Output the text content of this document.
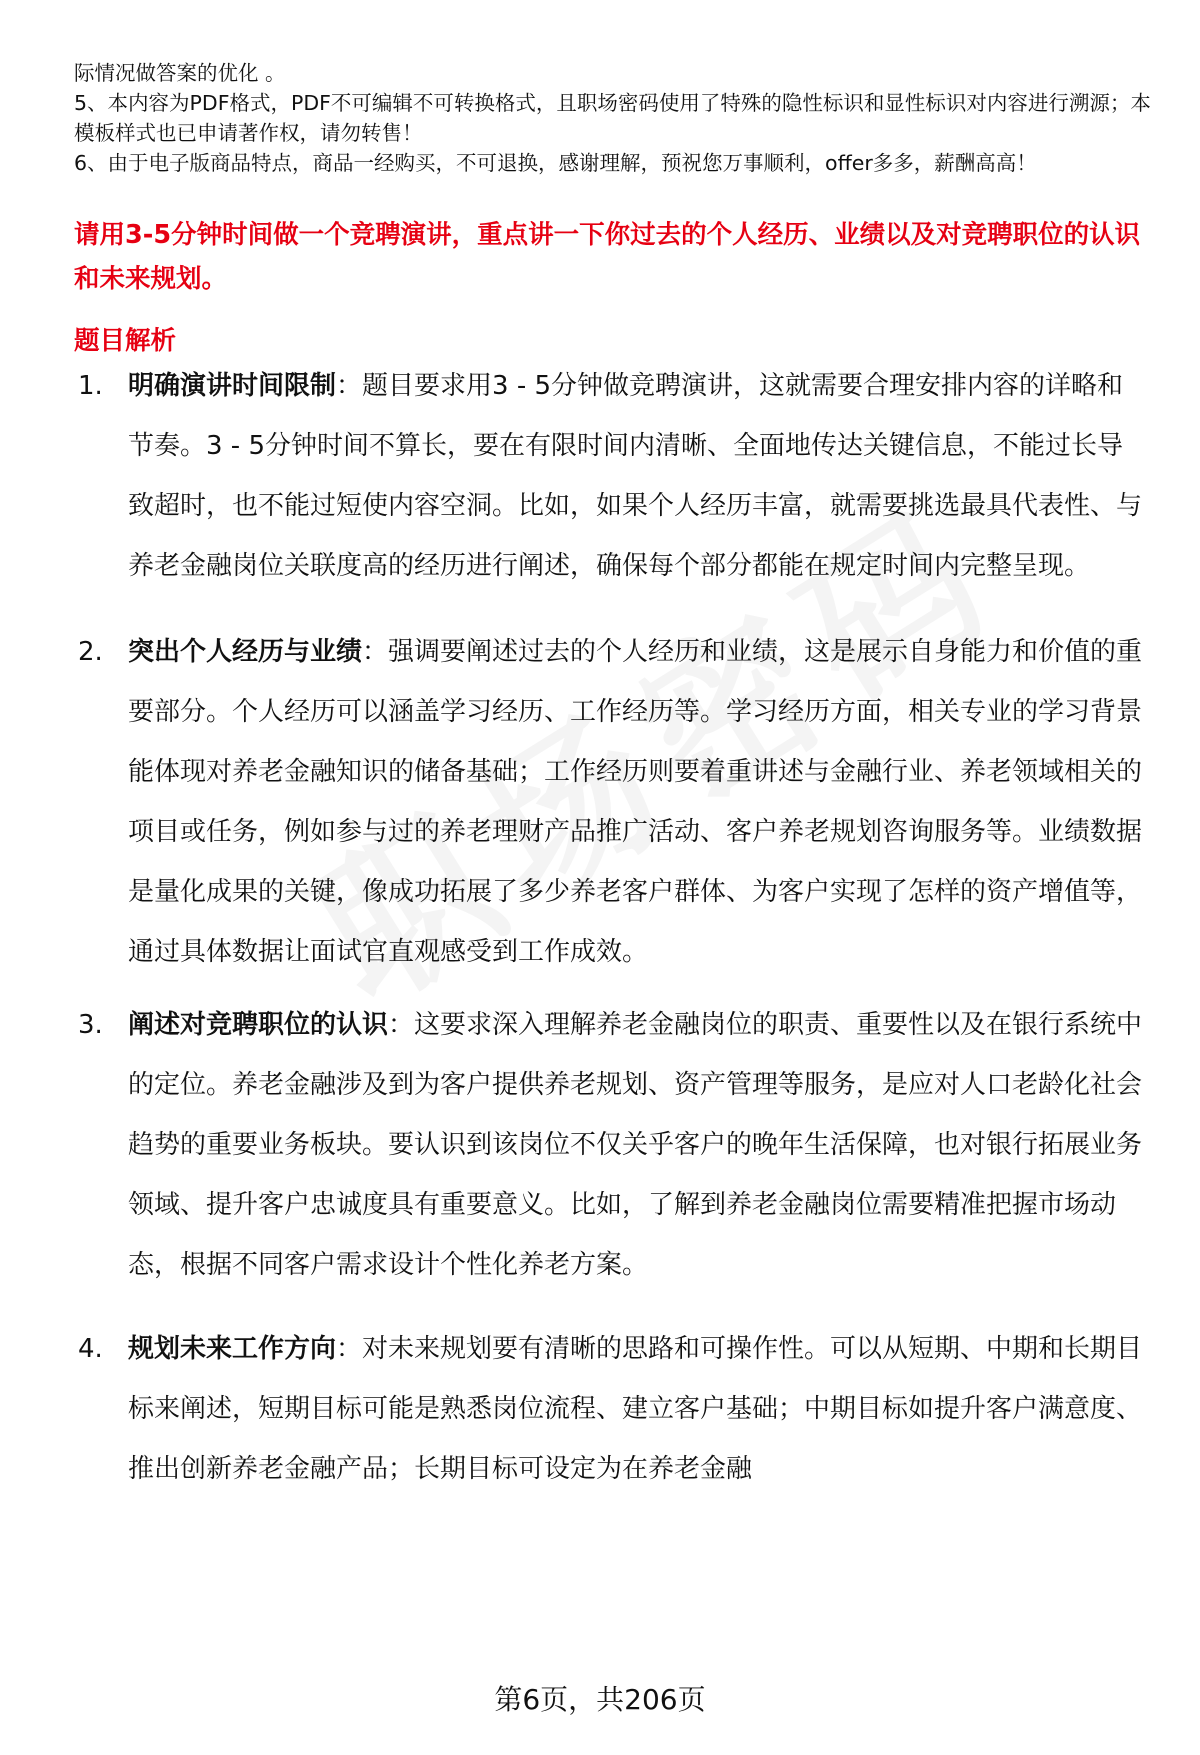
际情况做答案的优化 。

5、本内容为PDF格式，PDF不可编辑不可转换格式，且职场密码使用了特殊的隐性标识和显性标识对内容进行溯源；本模板样式也已申请著作权，请勿转售！

6、由于电子版商品特点，商品一经购买，不可退换，感谢理解，预祝您万事顺利，offer多多，薪酬高高！

请用3-5分钟时间做一个竞聘演讲，重点讲一下你过去的个人经历、业绩以及对竞聘职位的认识和未来规划。
题目解析
1. 明确演讲时间限制：题目要求用3 - 5分钟做竞聘演讲，这就需要合理安排内容的详略和节奏。3 - 5分钟时间不算长，要在有限时间内清晰、全面地传达关键信息，不能过长导致超时，也不能过短使内容空洞。比如，如果个人经历丰富，就需要挑选最具代表性、与养老金融岗位关联度高的经历进行阐述，确保每个部分都能在规定时间内完整呈现。
2. 突出个人经历与业绩：强调要阐述过去的个人经历和业绩，这是展示自身能力和价值的重要部分。个人经历可以涵盖学习经历、工作经历等。学习经历方面，相关专业的学习背景能体现对养老金融知识的储备基础；工作经历则要着重讲述与金融行业、养老领域相关的项目或任务，例如参与过的养老理财产品推广活动、客户养老规划咨询服务等。业绩数据是量化成果的关键，像成功拓展了多少养老客户群体、为客户实现了怎样的资产增值等，通过具体数据让面试官直观感受到工作成效。
3. 阐述对竞聘职位的认识：这要求深入理解养老金融岗位的职责、重要性以及在银行系统中的定位。养老金融涉及到为客户提供养老规划、资产管理等服务，是应对人口老龄化社会趋势的重要业务板块。要认识到该岗位不仅关乎客户的晚年生活保障，也对银行拓展业务领域、提升客户忠诚度具有重要意义。比如，了解到养老金融岗位需要精准把握市场动态，根据不同客户需求设计个性化养老方案。
4. 规划未来工作方向：对未来规划要有清晰的思路和可操作性。可以从短期、中期和长期目标来阐述，短期目标可能是熟悉岗位流程、建立客户基础；中期目标如提升客户满意度、推出创新养老金融产品；长期目标可设定为在养老金融
第6页，共206页
